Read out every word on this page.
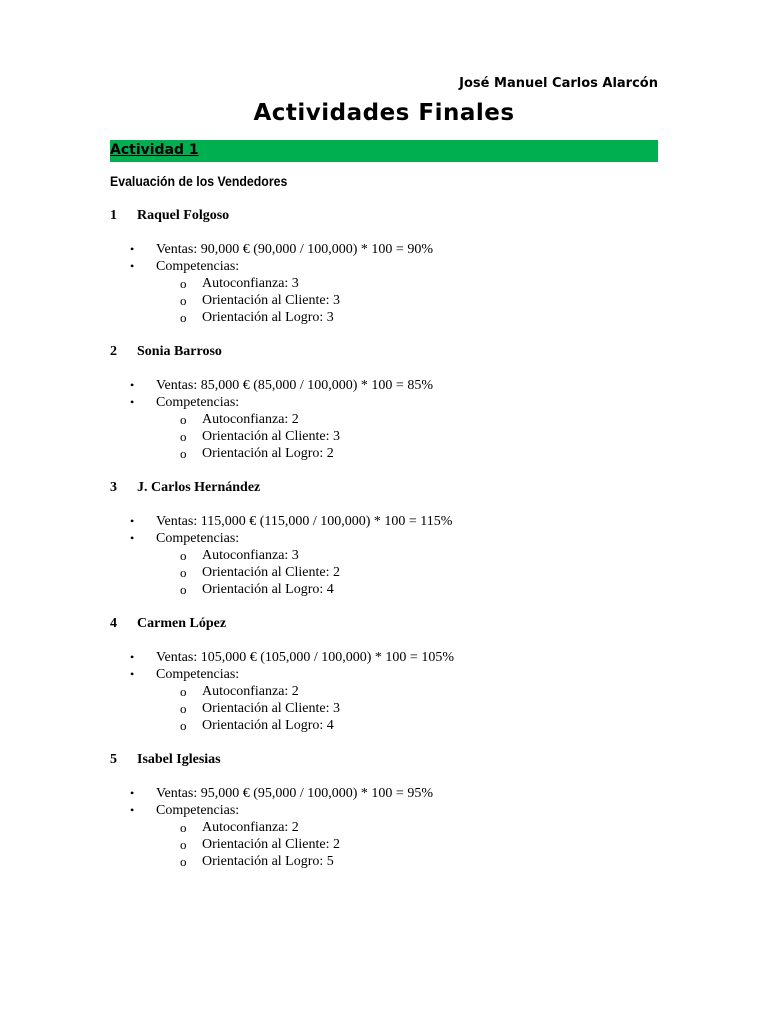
José Manuel Carlos Alarcón
Actividades Finales
Actividad 1
Evaluación de los Vendedores
1 Raquel Folgoso
• Ventas: 90,000 € (90,000 / 100,000) * 100 = 90%
• Competencias:
o Autoconfianza: 3
o Orientación al Cliente: 3
o Orientación al Logro: 3
2 Sonia Barroso
• Ventas: 85,000 € (85,000 / 100,000) * 100 = 85%
• Competencias:
o Autoconfianza: 2
o Orientación al Cliente: 3
o Orientación al Logro: 2
3 J. Carlos Hernández
• Ventas: 115,000 € (115,000 / 100,000) * 100 = 115%
• Competencias:
o Autoconfianza: 3
o Orientación al Cliente: 2
o Orientación al Logro: 4
4 Carmen López
• Ventas: 105,000 € (105,000 / 100,000) * 100 = 105%
• Competencias:
o Autoconfianza: 2
o Orientación al Cliente: 3
o Orientación al Logro: 4
5 Isabel Iglesias
• Ventas: 95,000 € (95,000 / 100,000) * 100 = 95%
• Competencias:
o Autoconfianza: 2
o Orientación al Cliente: 2
o Orientación al Logro: 5
